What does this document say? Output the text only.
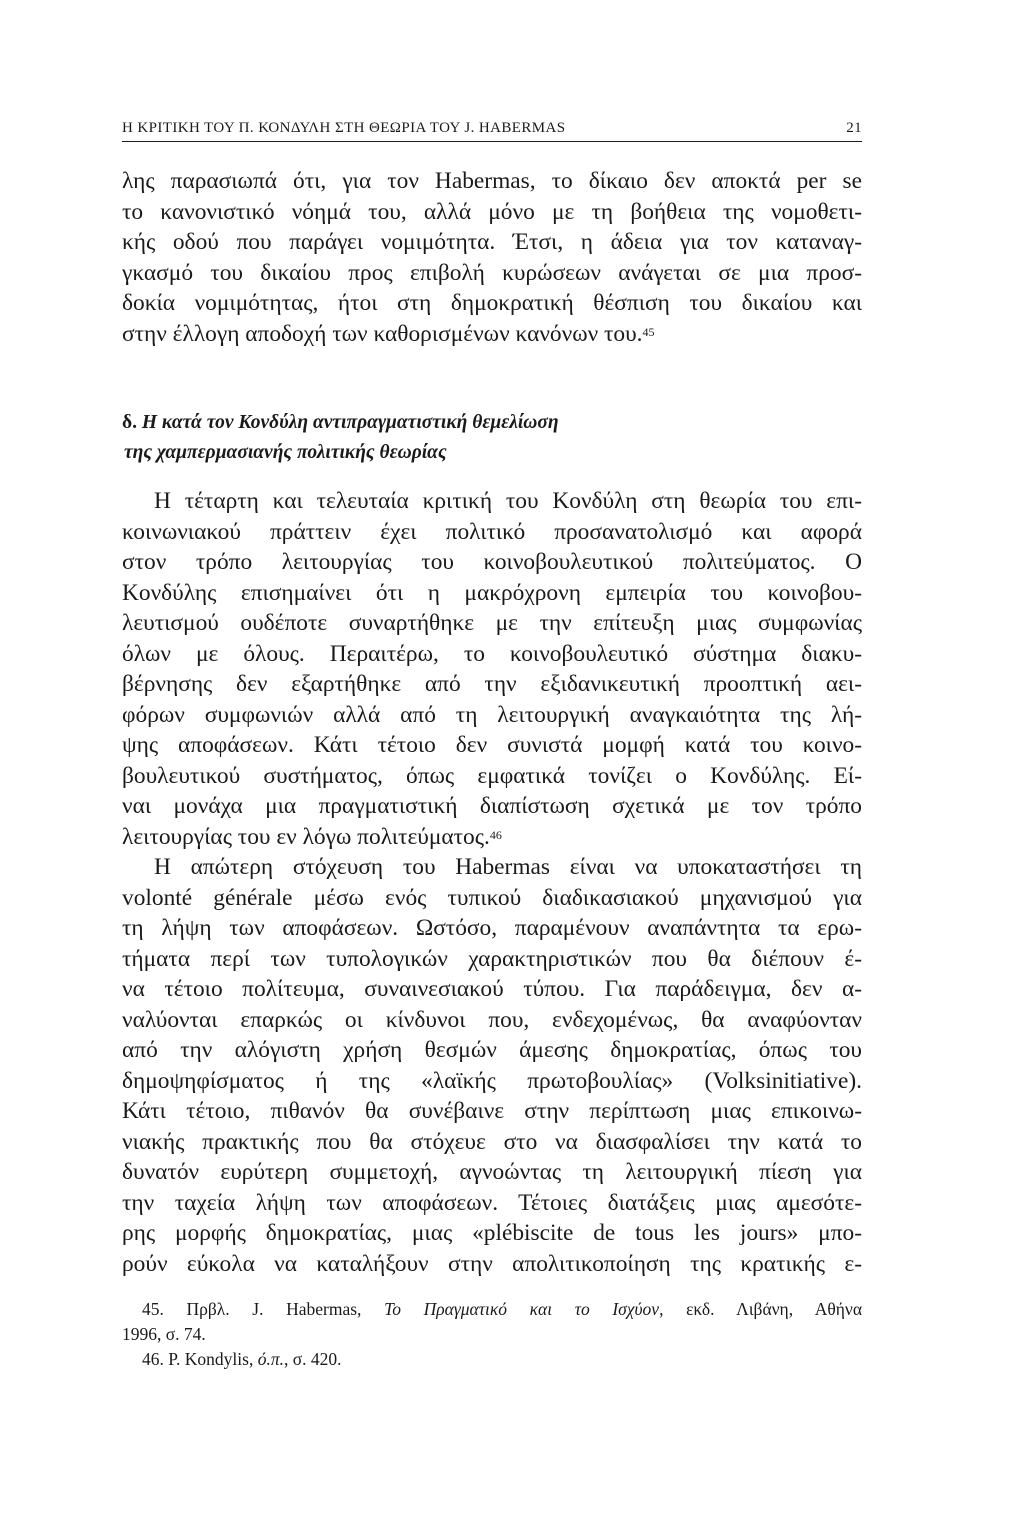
Η ΚΡΙΤΙΚΗ ΤΟΥ Π. ΚΟΝΔΥΛΗ ΣΤΗ ΘΕΩΡΙΑ ΤΟΥ J. HABERMAS	21
λης παρασιωπά ότι, για τον Habermas, το δίκαιο δεν αποκτά per se
το κανονιστικό νόημά του, αλλά μόνο με τη βοήθεια της νομοθετι-
κής οδού που παράγει νομιμότητα. Έτσι, η άδεια για τον καταναγ-
γκασμό του δικαίου προς επιβολή κυρώσεων ανάγεται σε μια προσ-
δοκία νομιμότητας, ήτοι στη δημοκρατική θέσπιση του δικαίου και
στην έλλογη αποδοχή των καθορισμένων κανόνων του.$^{45}$
δ. Η κατά τον Κονδύλη αντιπραγματιστική θεμελίωση
της χαμπερμασιανής πολιτικής θεωρίας
Η τέταρτη και τελευταία κριτική του Κονδύλη στη θεωρία του επι-
κοινωνιακού πράττειν έχει πολιτικό προσανατολισμό και αφορά
στον τρόπο λειτουργίας του κοινοβουλευτικού πολιτεύματος. Ο
Κονδύλης επισημαίνει ότι η μακρόχρονη εμπειρία του κοινοβου-
λευτισμού ουδέποτε συναρτήθηκε με την επίτευξη μιας συμφωνίας
όλων με όλους. Περαιτέρω, το κοινοβουλευτικό σύστημα διακυ-
βέρνησης δεν εξαρτήθηκε από την εξιδανικευτική προοπτική αει-
φόρων συμφωνιών αλλά από τη λειτουργική αναγκαιότητα της λή-
ψης αποφάσεων. Κάτι τέτοιο δεν συνιστά μομφή κατά του κοινο-
βουλευτικού συστήματος, όπως εμφατικά τονίζει ο Κονδύλης. Εί-
ναι μονάχα μια πραγματιστική διαπίστωση σχετικά με τον τρόπο
λειτουργίας του εν λόγω πολιτεύματος.$^{46}$
Η απώτερη στόχευση του Habermas είναι να υποκαταστήσει τη
volonté générale μέσω ενός τυπικού διαδικασιακού μηχανισμού για
τη λήψη των αποφάσεων. Ωστόσο, παραμένουν αναπάντητα τα ερω-
τήματα περί των τυπολογικών χαρακτηριστικών που θα διέπουν έ-
να τέτοιο πολίτευμα, συναινεσιακού τύπου. Για παράδειγμα, δεν α-
ναλύονται επαρκώς οι κίνδυνοι που, ενδεχομένως, θα αναφύονταν
από την αλόγιστη χρήση θεσμών άμεσης δημοκρατίας, όπως του
δημοψηφίσματος ή της «λαϊκής πρωτοβουλίας» (Volksinitiative).
Κάτι τέτοιο, πιθανόν θα συνέβαινε στην περίπτωση μιας επικοινω-
νιακής πρακτικής που θα στόχευε στο να διασφαλίσει την κατά το
δυνατόν ευρύτερη συμμετοχή, αγνοώντας τη λειτουργική πίεση για
την ταχεία λήψη των αποφάσεων. Τέτοιες διατάξεις μιας αμεσότε-
ρης μορφής δημοκρατίας, μιας «plébiscite de tous les jours» μπο-
ρούν εύκολα να καταλήξουν στην απολιτικοποίηση της κρατικής ε-
45. Πρβλ. J. Habermas, Το Πραγματικό και το Ισχύον, εκδ. Λιβάνη, Αθήνα
1996, σ. 74.
46. P. Kondylis, ό.π., σ. 420.
